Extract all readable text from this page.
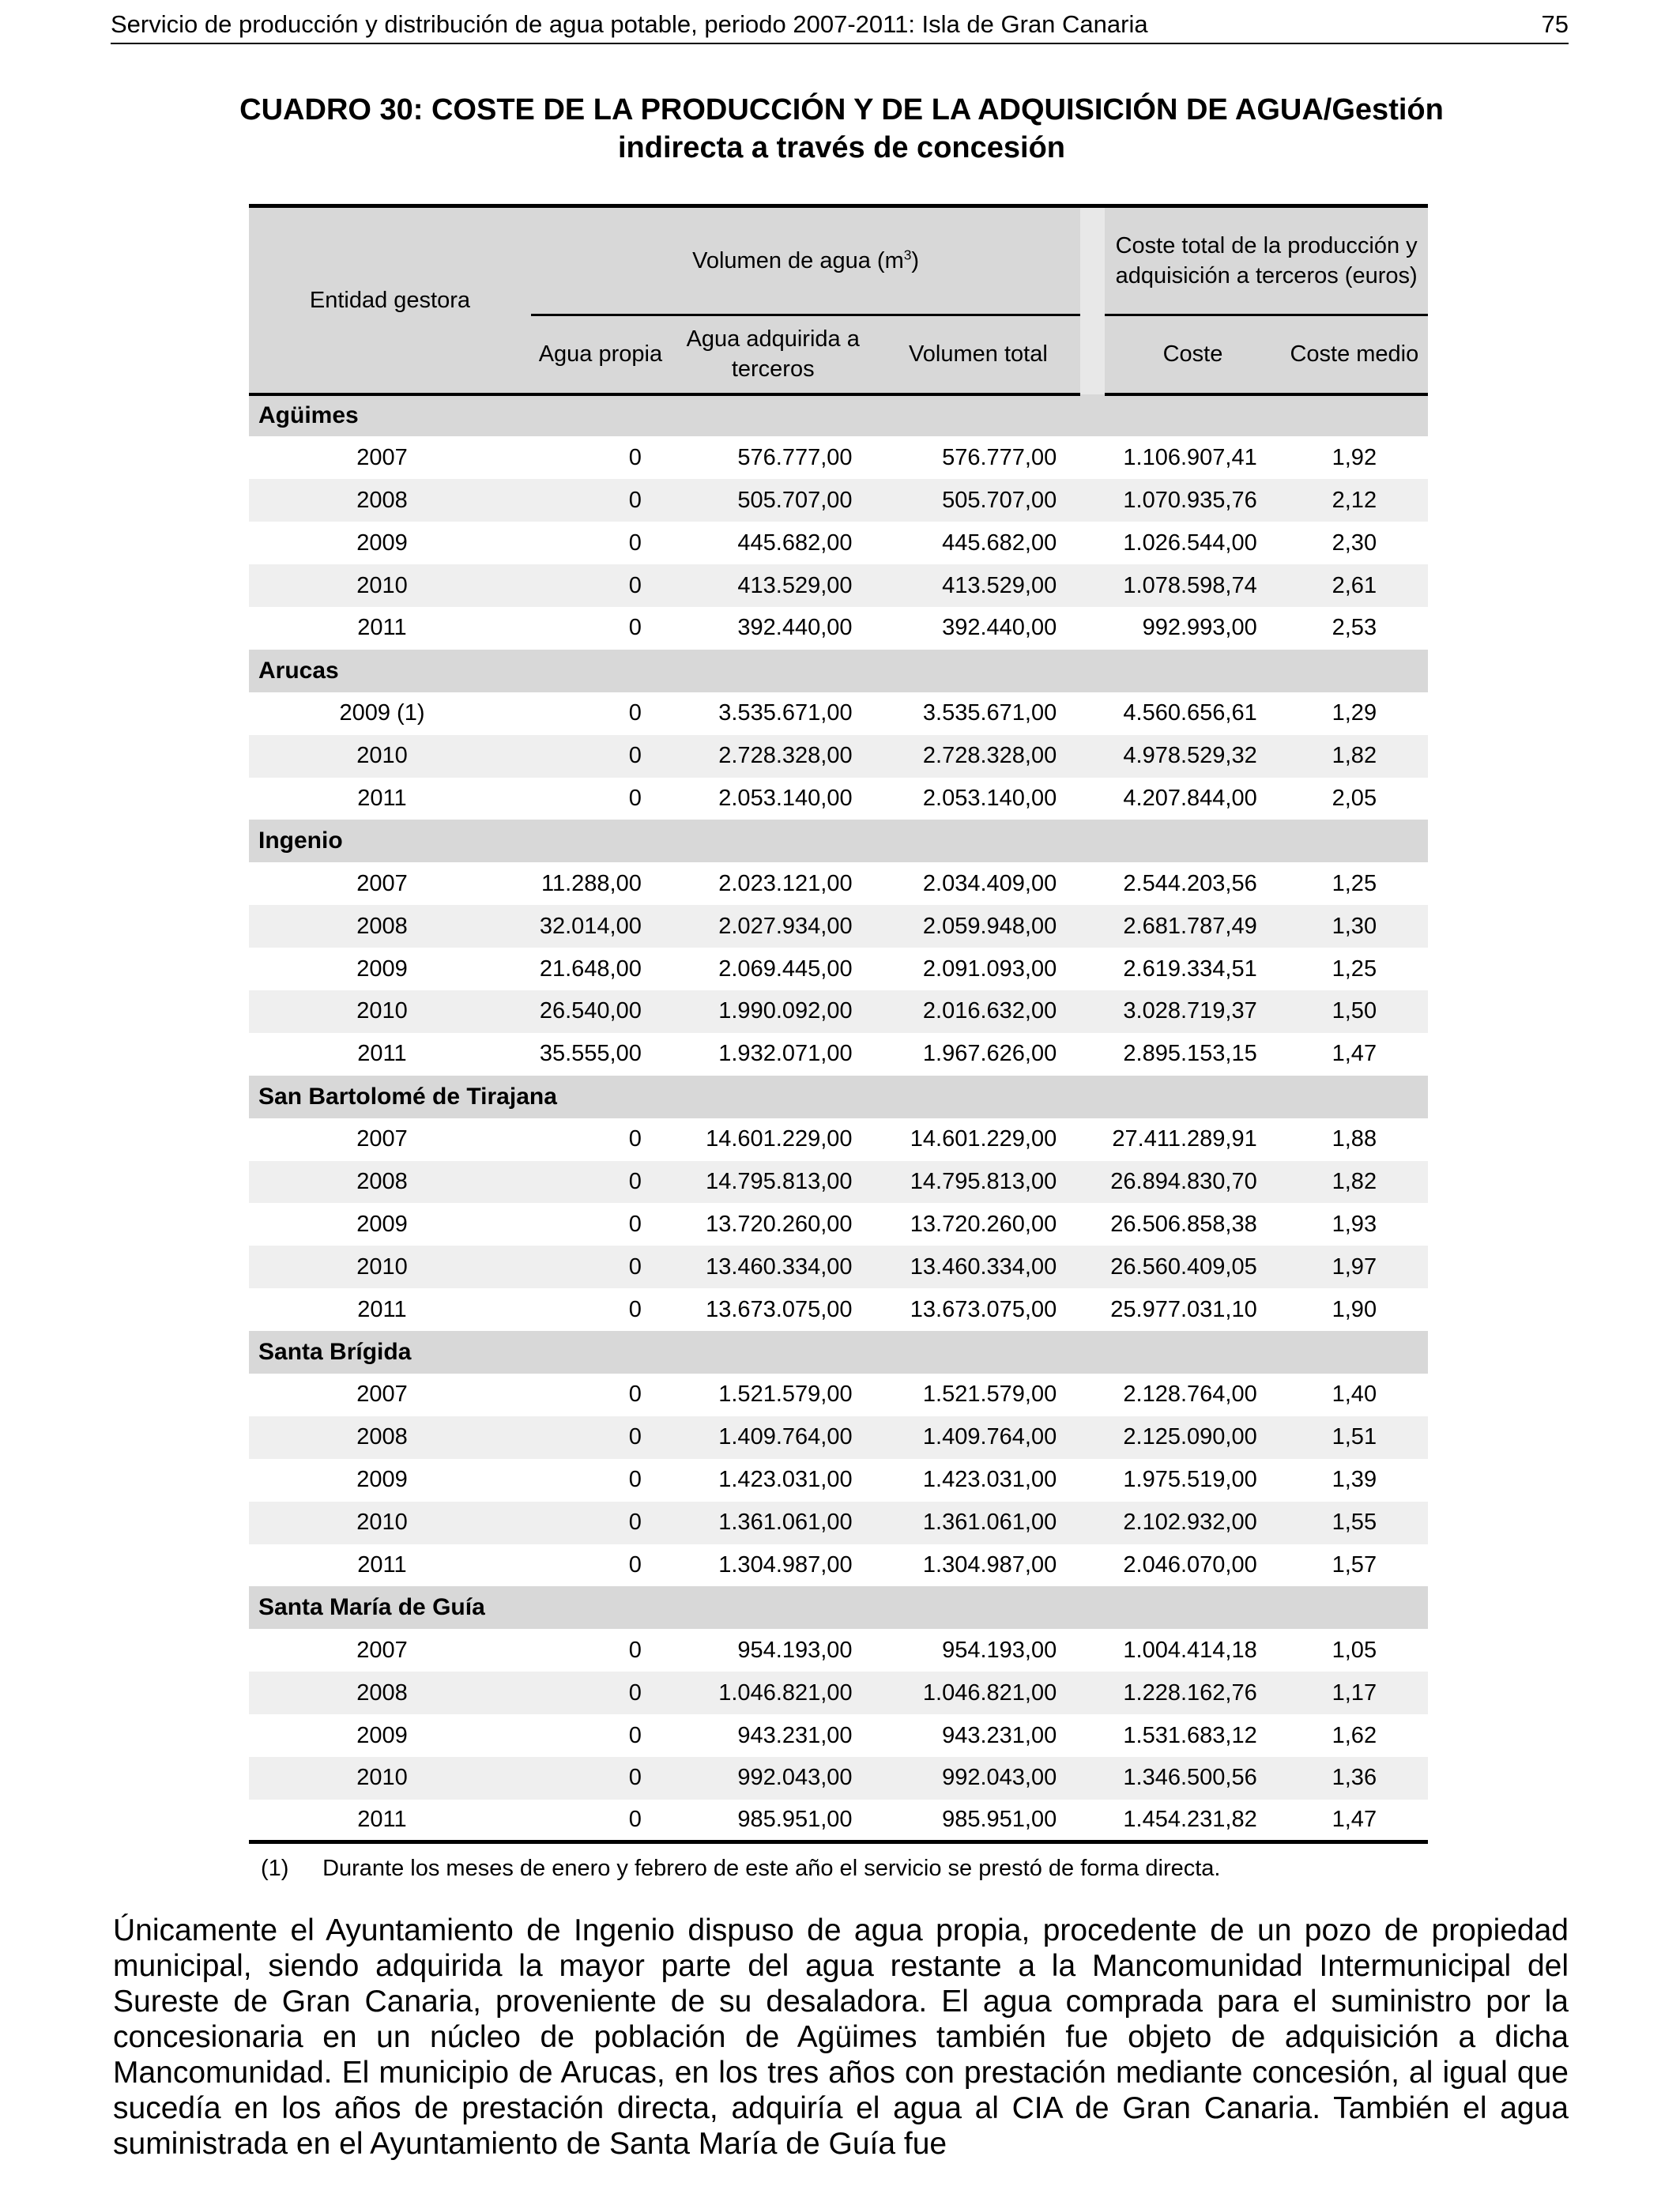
Servicio de producción y distribución de agua potable, periodo 2007-2011: Isla de Gran Canaria	75
CUADRO 30: COSTE DE LA PRODUCCIÓN Y DE LA ADQUISICIÓN DE AGUA/Gestión
indirecta a través de concesión
Entidad gestora	Volumen de agua $(m^3)$				Coste total de la producción y adquisición a terceros (euros)	
	Agua propia	Agua adquirida a terceros	Volumen total		Coste	Coste medio
Agüimes						
2007	0	576.777,00	576.777,00		1.106.907,41	1,92
2008	0	505.707,00	505.707,00		1.070.935,76	2,12
2009	0	445.682,00	445.682,00		1.026.544,00	2,30
2010	0	413.529,00	413.529,00		1.078.598,74	2,61
2011	0	392.440,00	392.440,00		992.993,00	2,53
Arucas						
2009 (1)	0	3.535.671,00	3.535.671,00		4.560.656,61	1,29
2010	0	2.728.328,00	2.728.328,00		4.978.529,32	1,82
2011	0	2.053.140,00	2.053.140,00		4.207.844,00	2,05
Ingenio						
2007	11.288,00	2.023.121,00	2.034.409,00		2.544.203,56	1,25
2008	32.014,00	2.027.934,00	2.059.948,00		2.681.787,49	1,30
2009	21.648,00	2.069.445,00	2.091.093,00		2.619.334,51	1,25
2010	26.540,00	1.990.092,00	2.016.632,00		3.028.719,37	1,50
2011	35.555,00	1.932.071,00	1.967.626,00		2.895.153,15	1,47
San Bartolomé de Tirajana						
2007	0	14.601.229,00	14.601.229,00		27.411.289,91	1,88
2008	0	14.795.813,00	14.795.813,00		26.894.830,70	1,82
2009	0	13.720.260,00	13.720.260,00		26.506.858,38	1,93
2010	0	13.460.334,00	13.460.334,00		26.560.409,05	1,97
2011	0	13.673.075,00	13.673.075,00		25.977.031,10	1,90
Santa Brígida						
2007	0	1.521.579,00	1.521.579,00		2.128.764,00	1,40
2008	0	1.409.764,00	1.409.764,00		2.125.090,00	1,51
2009	0	1.423.031,00	1.423.031,00		1.975.519,00	1,39
2010	0	1.361.061,00	1.361.061,00		2.102.932,00	1,55
2011	0	1.304.987,00	1.304.987,00		2.046.070,00	1,57
Santa María de Guía						
2007	0	954.193,00	954.193,00		1.004.414,18	1,05
2008	0	1.046.821,00	1.046.821,00		1.228.162,76	1,17
2009	0	943.231,00	943.231,00		1.531.683,12	1,62
2010	0	992.043,00	992.043,00		1.346.500,56	1,36
2011	0	985.951,00	985.951,00		1.454.231,82	1,47
(1) Durante los meses de enero y febrero de este año el servicio se prestó de forma directa.
Únicamente el Ayuntamiento de Ingenio dispuso de agua propia, procedente de un pozo de propiedad municipal, siendo adquirida la mayor parte del agua restante a la Mancomunidad Intermunicipal del Sureste de Gran Canaria, proveniente de su desaladora. El agua comprada para el suministro por la concesionaria en un núcleo de población de Agüimes también fue objeto de adquisición a dicha Mancomunidad. El municipio de Arucas, en los tres años con prestación mediante concesión, al igual que sucedía en los años de prestación directa, adquiría el agua al CIA de Gran Canaria. También el agua suministrada en el Ayuntamiento de Santa María de Guía fue
